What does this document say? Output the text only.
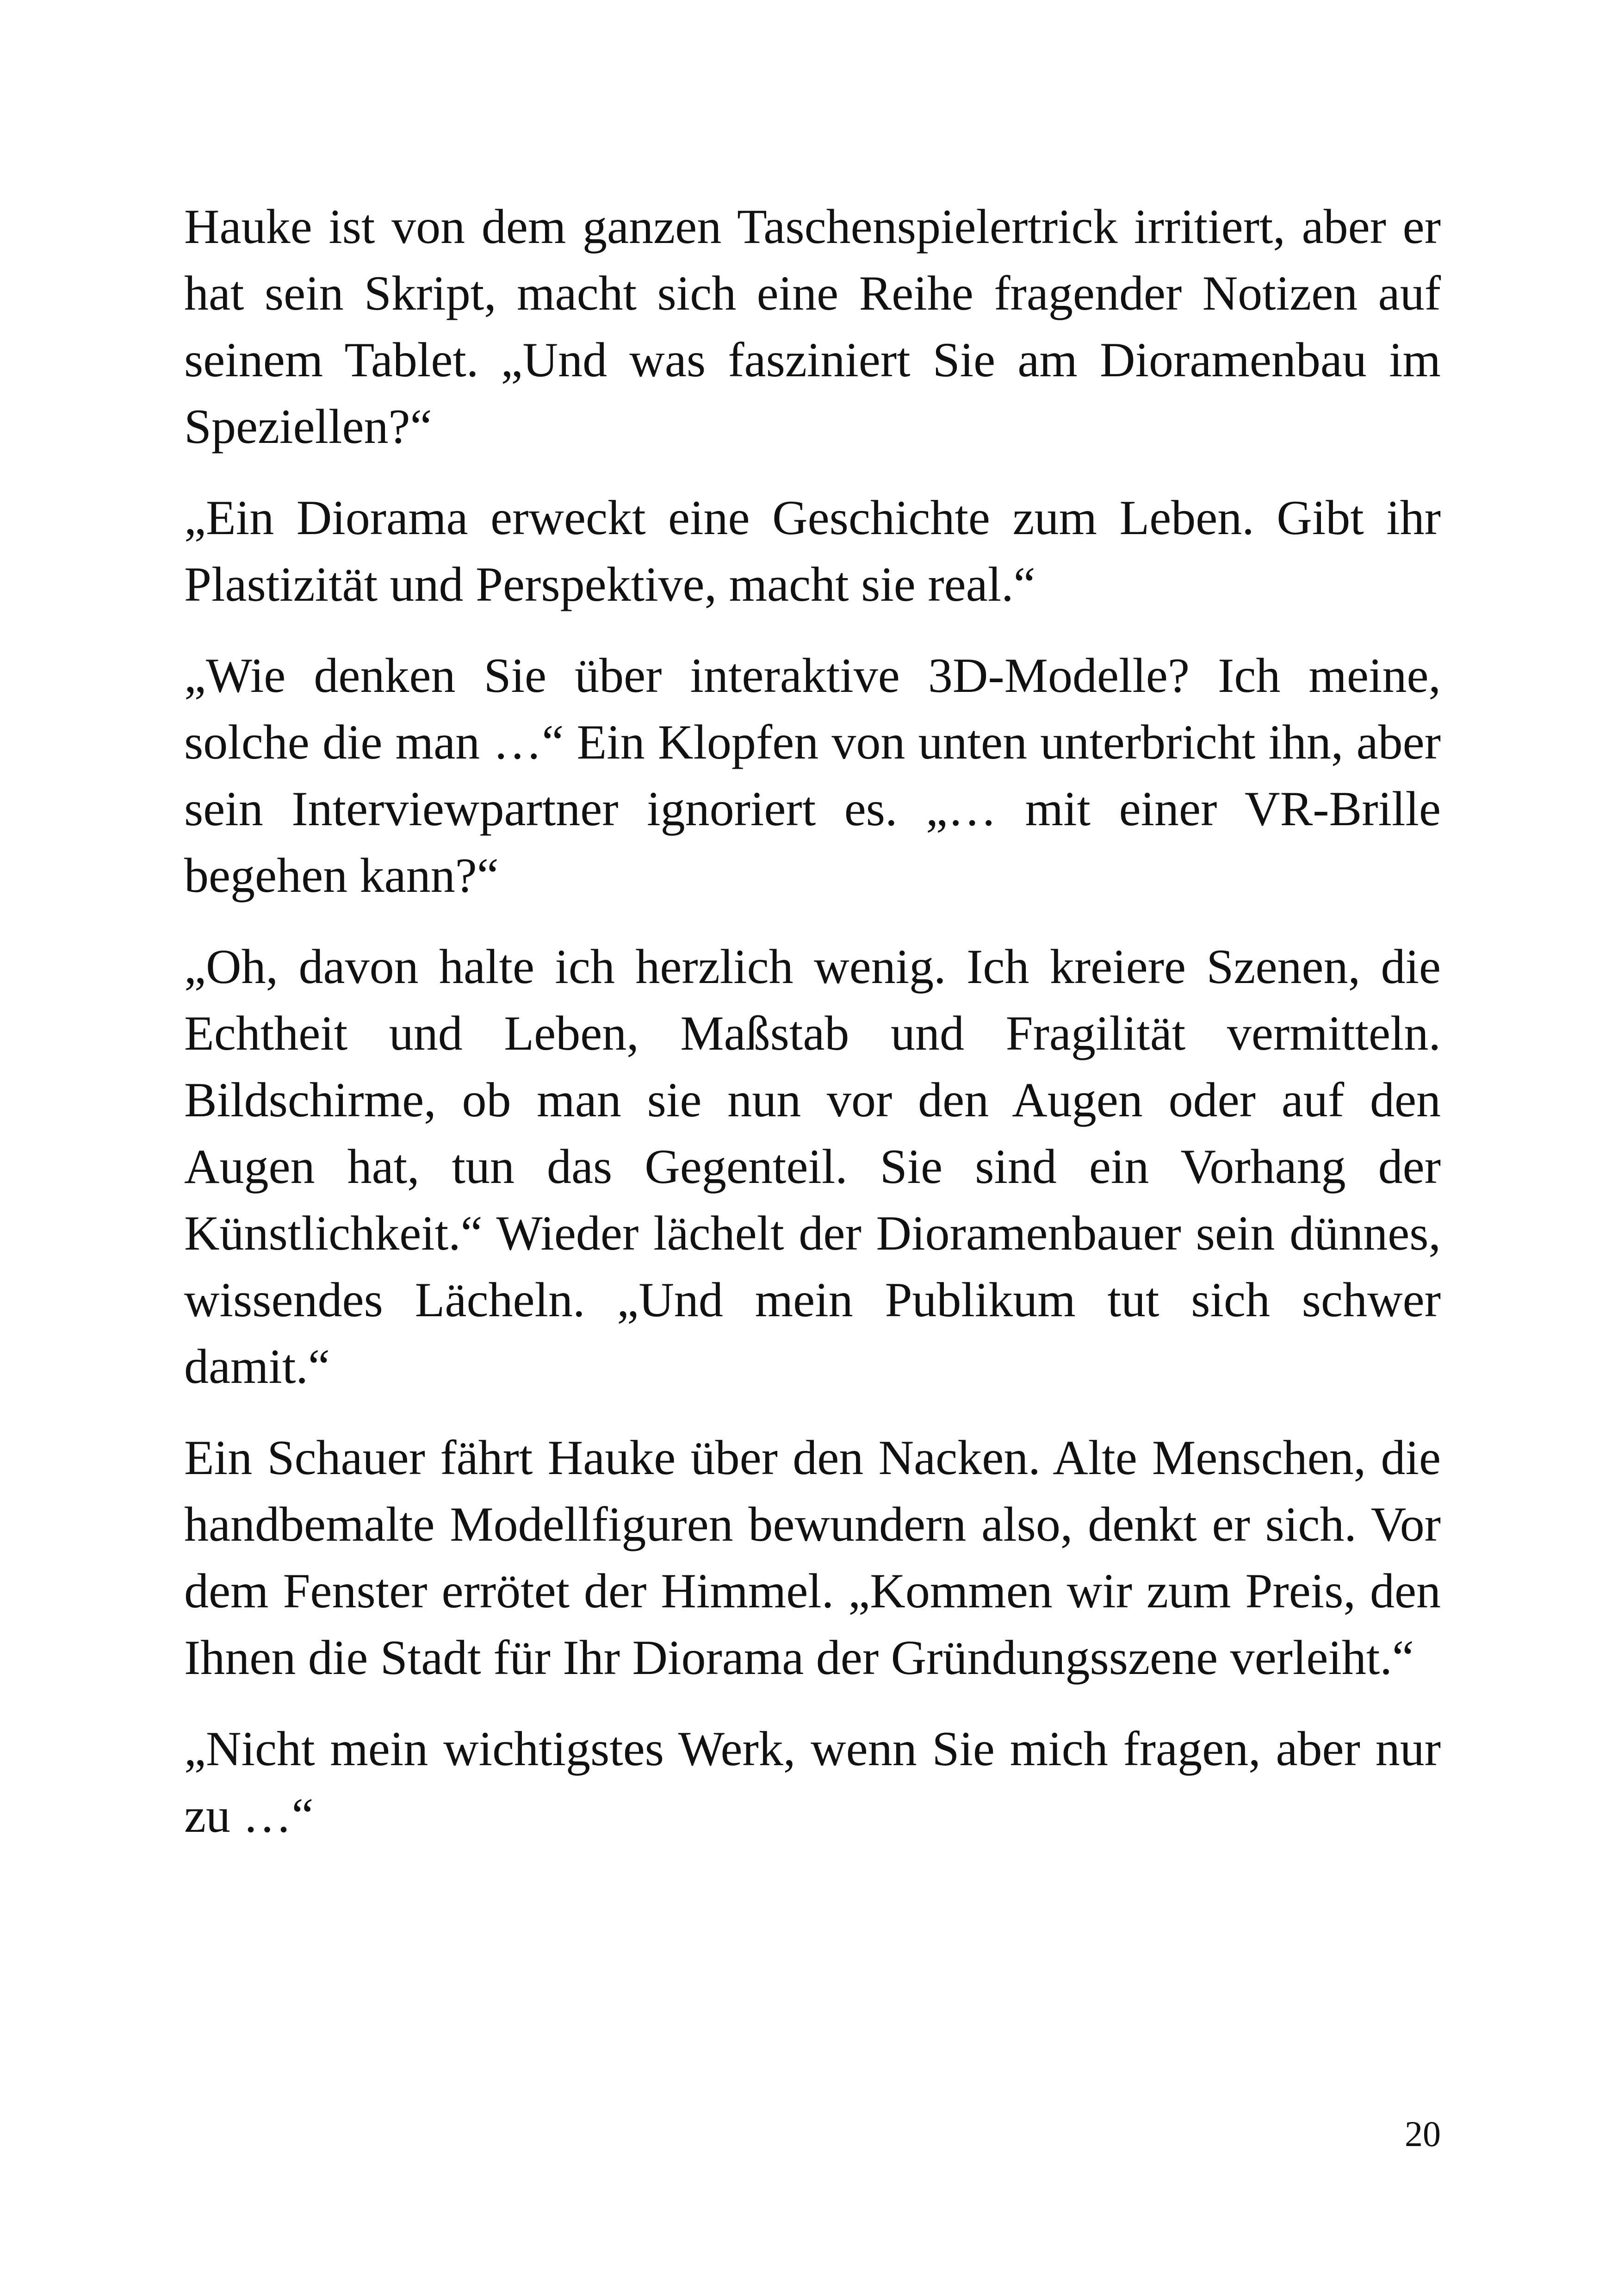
Hauke ist von dem ganzen Taschenspielertrick irritiert, aber er hat sein Skript, macht sich eine Reihe fragender Notizen auf seinem Tablet. „Und was fasziniert Sie am Dioramenbau im Speziellen?“

„Ein Diorama erweckt eine Geschichte zum Leben. Gibt ihr Plastizität und Perspektive, macht sie real.“

„Wie denken Sie über interaktive 3D-Modelle? Ich meine, solche die man …“ Ein Klopfen von unten unterbricht ihn, aber sein Interviewpartner ignoriert es. „… mit einer VR-Brille begehen kann?“

„Oh, davon halte ich herzlich wenig. Ich kreiere Szenen, die Echtheit und Leben, Maßstab und Fragilität vermitteln. Bildschirme, ob man sie nun vor den Augen oder auf den Augen hat, tun das Gegenteil. Sie sind ein Vorhang der Künstlichkeit.“ Wieder lächelt der Dioramenbauer sein dünnes, wissendes Lächeln. „Und mein Publikum tut sich schwer damit.“

Ein Schauer fährt Hauke über den Nacken. Alte Menschen, die handbemalte Modellfiguren bewundern also, denkt er sich. Vor dem Fenster errötet der Himmel. „Kommen wir zum Preis, den Ihnen die Stadt für Ihr Diorama der Gründungsszene verleiht.“

„Nicht mein wichtigstes Werk, wenn Sie mich fragen, aber nur zu …“

20
